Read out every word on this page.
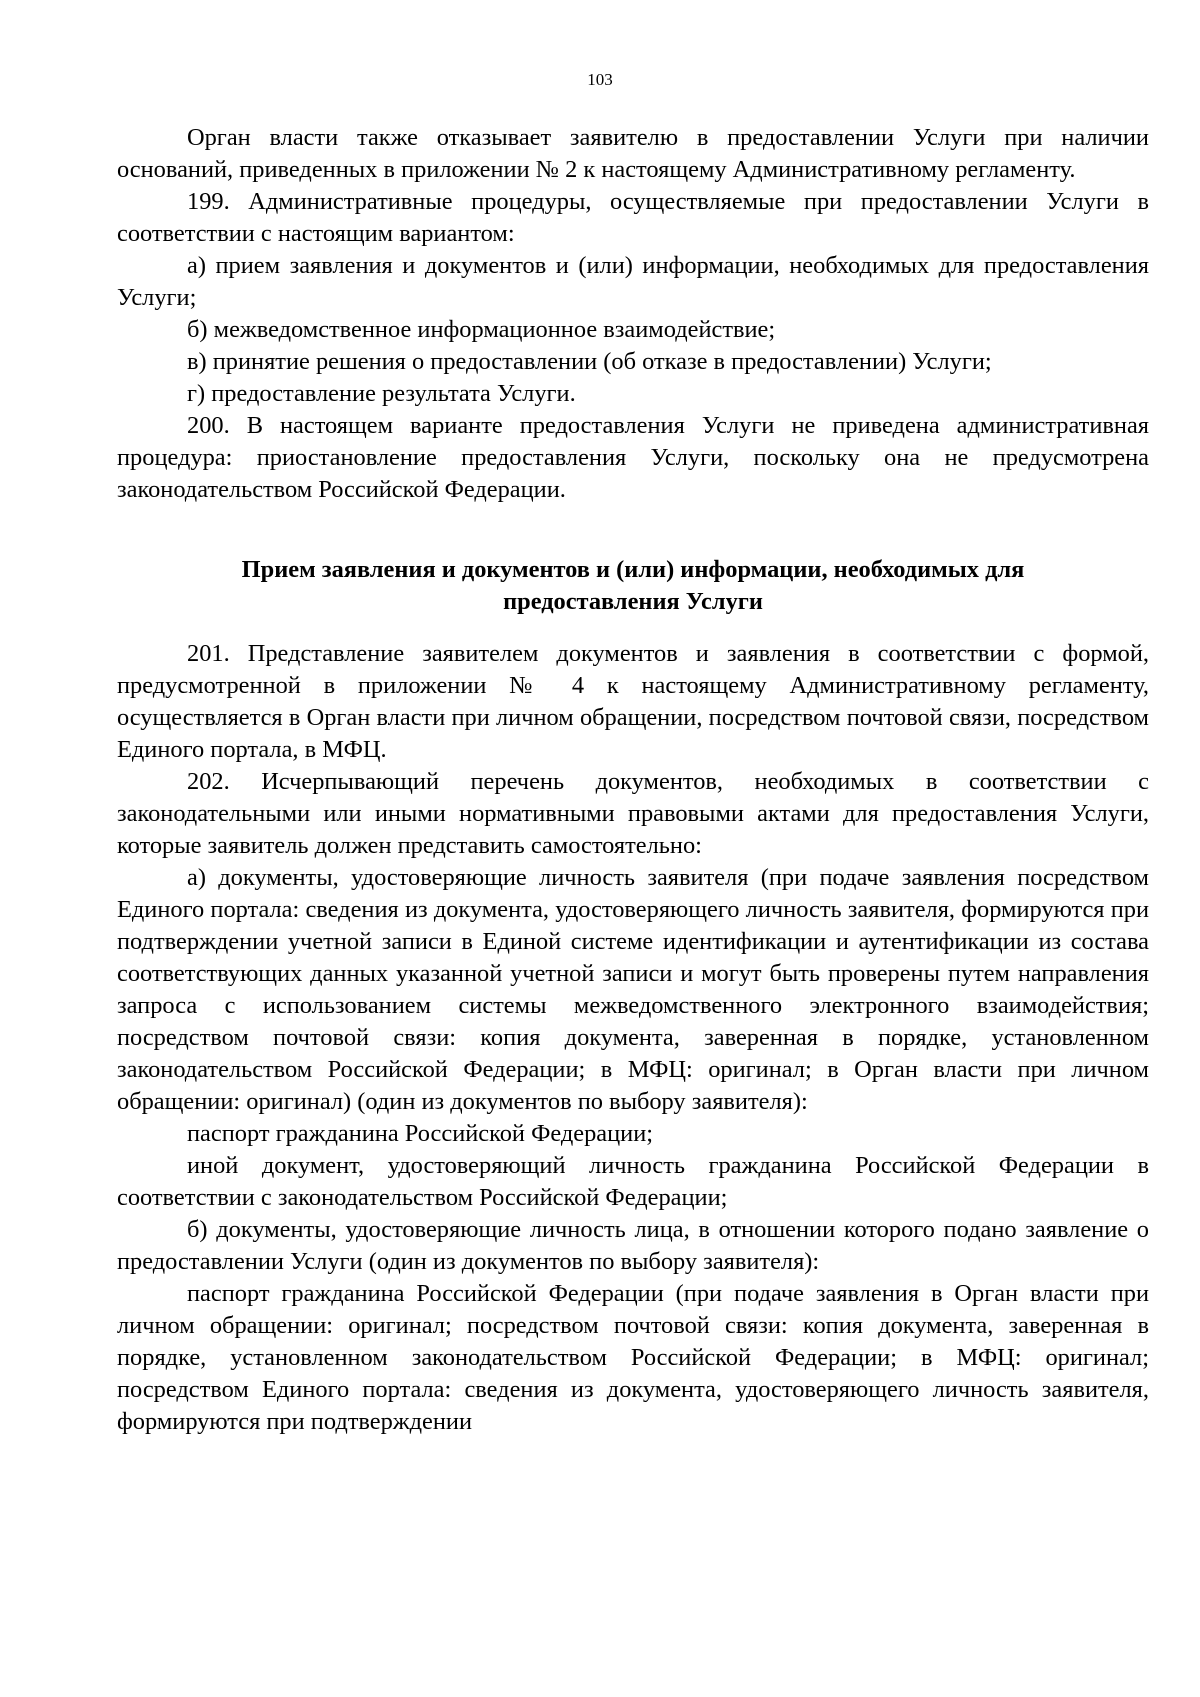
103

Орган власти также отказывает заявителю в предоставлении Услуги при наличии оснований, приведенных в приложении № 2 к настоящему Административному регламенту.

199. Административные процедуры, осуществляемые при предоставлении Услуги в соответствии с настоящим вариантом:

а) прием заявления и документов и (или) информации, необходимых для предоставления Услуги;

б) межведомственное информационное взаимодействие;

в) принятие решения о предоставлении (об отказе в предоставлении) Услуги;

г) предоставление результата Услуги.

200. В настоящем варианте предоставления Услуги не приведена административная процедура: приостановление предоставления Услуги, поскольку она не предусмотрена законодательством Российской Федерации.

Прием заявления и документов и (или) информации, необходимых для
предоставления Услуги

201. Представление заявителем документов и заявления в соответствии с формой, предусмотренной в приложении № 4 к настоящему Административному регламенту, осуществляется в Орган власти при личном обращении, посредством почтовой связи, посредством Единого портала, в МФЦ.

202. Исчерпывающий перечень документов, необходимых в соответствии с законодательными или иными нормативными правовыми актами для предоставления Услуги, которые заявитель должен представить самостоятельно:

а) документы, удостоверяющие личность заявителя (при подаче заявления посредством Единого портала: сведения из документа, удостоверяющего личность заявителя, формируются при подтверждении учетной записи в Единой системе идентификации и аутентификации из состава соответствующих данных указанной учетной записи и могут быть проверены путем направления запроса с использованием системы межведомственного электронного взаимодействия; посредством почтовой связи: копия документа, заверенная в порядке, установленном законодательством Российской Федерации; в МФЦ: оригинал; в Орган власти при личном обращении: оригинал) (один из документов по выбору заявителя):

паспорт гражданина Российской Федерации;

иной документ, удостоверяющий личность гражданина Российской Федерации в соответствии с законодательством Российской Федерации;

б) документы, удостоверяющие личность лица, в отношении которого подано заявление о предоставлении Услуги (один из документов по выбору заявителя):

паспорт гражданина Российской Федерации (при подаче заявления в Орган власти при личном обращении: оригинал; посредством почтовой связи: копия документа, заверенная в порядке, установленном законодательством Российской Федерации; в МФЦ: оригинал; посредством Единого портала: сведения из документа, удостоверяющего личность заявителя, формируются при подтверждении
